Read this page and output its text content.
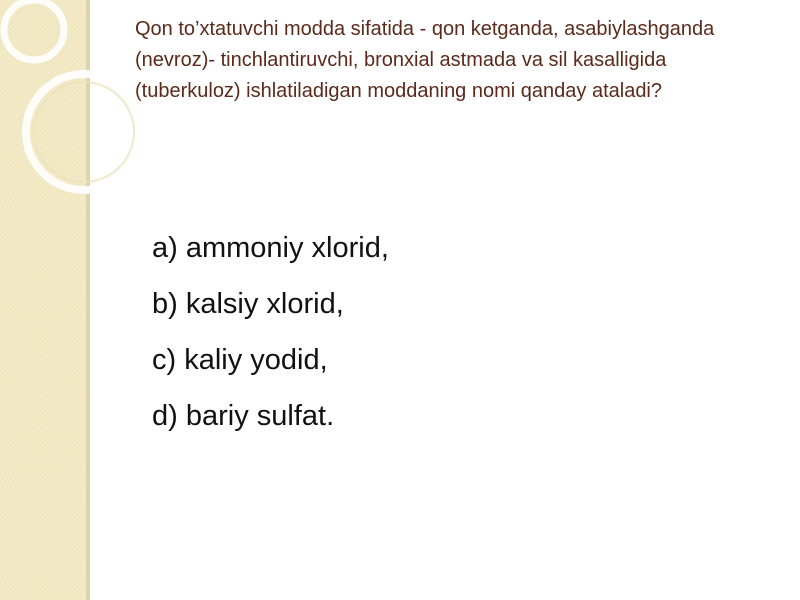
Qon to’xtatuvchi modda sifatida - qon ketganda, asabiylashganda (nevroz)- tinchlantiruvchi, bronxial astmada va sil kasalligida (tuberkuloz) ishlatiladigan moddaning nomi qanday ataladi?

a) ammoniy xlorid,
b) kalsiy xlorid,
c) kaliy yodid,
d) bariy sulfat.
